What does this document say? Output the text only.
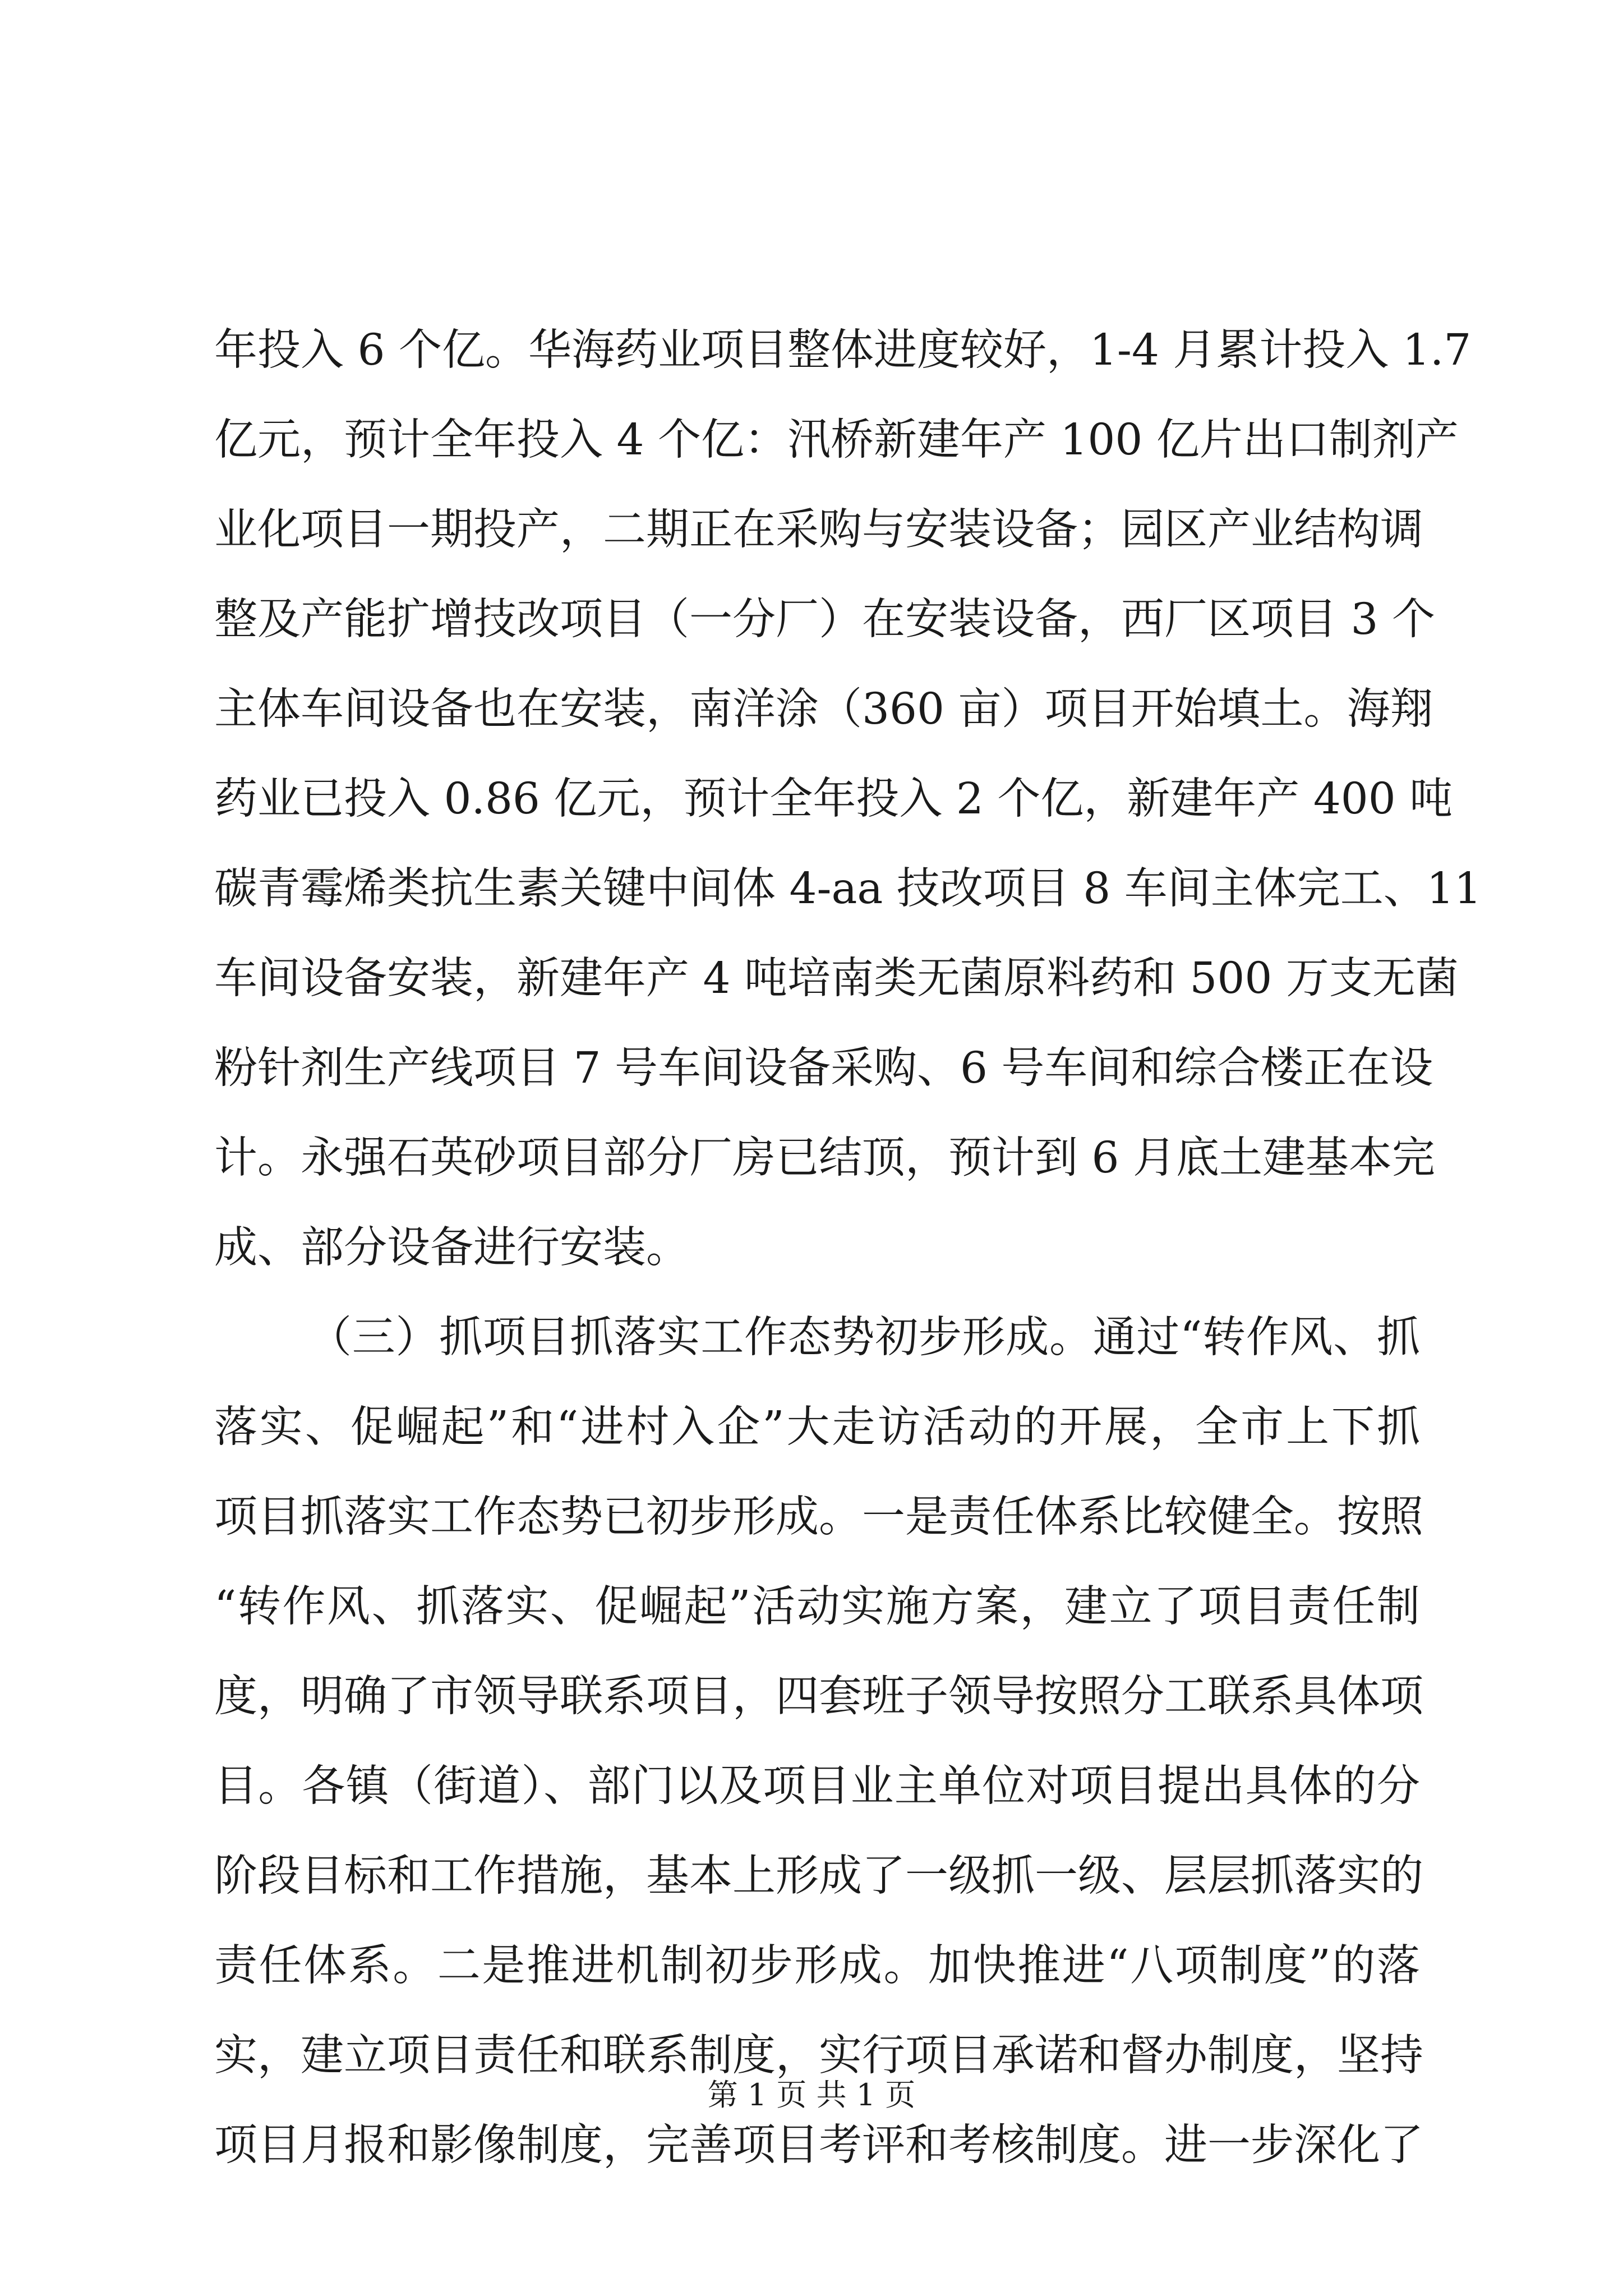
年投入 6 个亿。华海药业项目整体进度较好，1-4 月累计投入 1.7
亿元，预计全年投入 4 个亿：汛桥新建年产 100 亿片出口制剂产
业化项目一期投产，二期正在采购与安装设备；园区产业结构调
整及产能扩增技改项目（一分厂）在安装设备，西厂区项目 3 个
主体车间设备也在安装，南洋涂（360 亩）项目开始填土。海翔
药业已投入 0.86 亿元，预计全年投入 2 个亿，新建年产 400 吨
碳青霉烯类抗生素关键中间体 4-aa 技改项目 8 车间主体完工、11
车间设备安装，新建年产 4 吨培南类无菌原料药和 500 万支无菌
粉针剂生产线项目 7 号车间设备采购、6 号车间和综合楼正在设
计。永强石英砂项目部分厂房已结顶，预计到 6 月底土建基本完
成、部分设备进行安装。
（三）抓项目抓落实工作态势初步形成。通过“转作风、抓
落实、促崛起”和“进村入企”大走访活动的开展，全市上下抓
项目抓落实工作态势已初步形成。一是责任体系比较健全。按照
“转作风、抓落实、促崛起”活动实施方案，建立了项目责任制
度，明确了市领导联系项目，四套班子领导按照分工联系具体项
目。各镇（街道）、部门以及项目业主单位对项目提出具体的分
阶段目标和工作措施，基本上形成了一级抓一级、层层抓落实的
责任体系。二是推进机制初步形成。加快推进“八项制度”的落
实，建立项目责任和联系制度，实行项目承诺和督办制度，坚持
项目月报和影像制度，完善项目考评和考核制度。进一步深化了
第 1 页 共 1 页
